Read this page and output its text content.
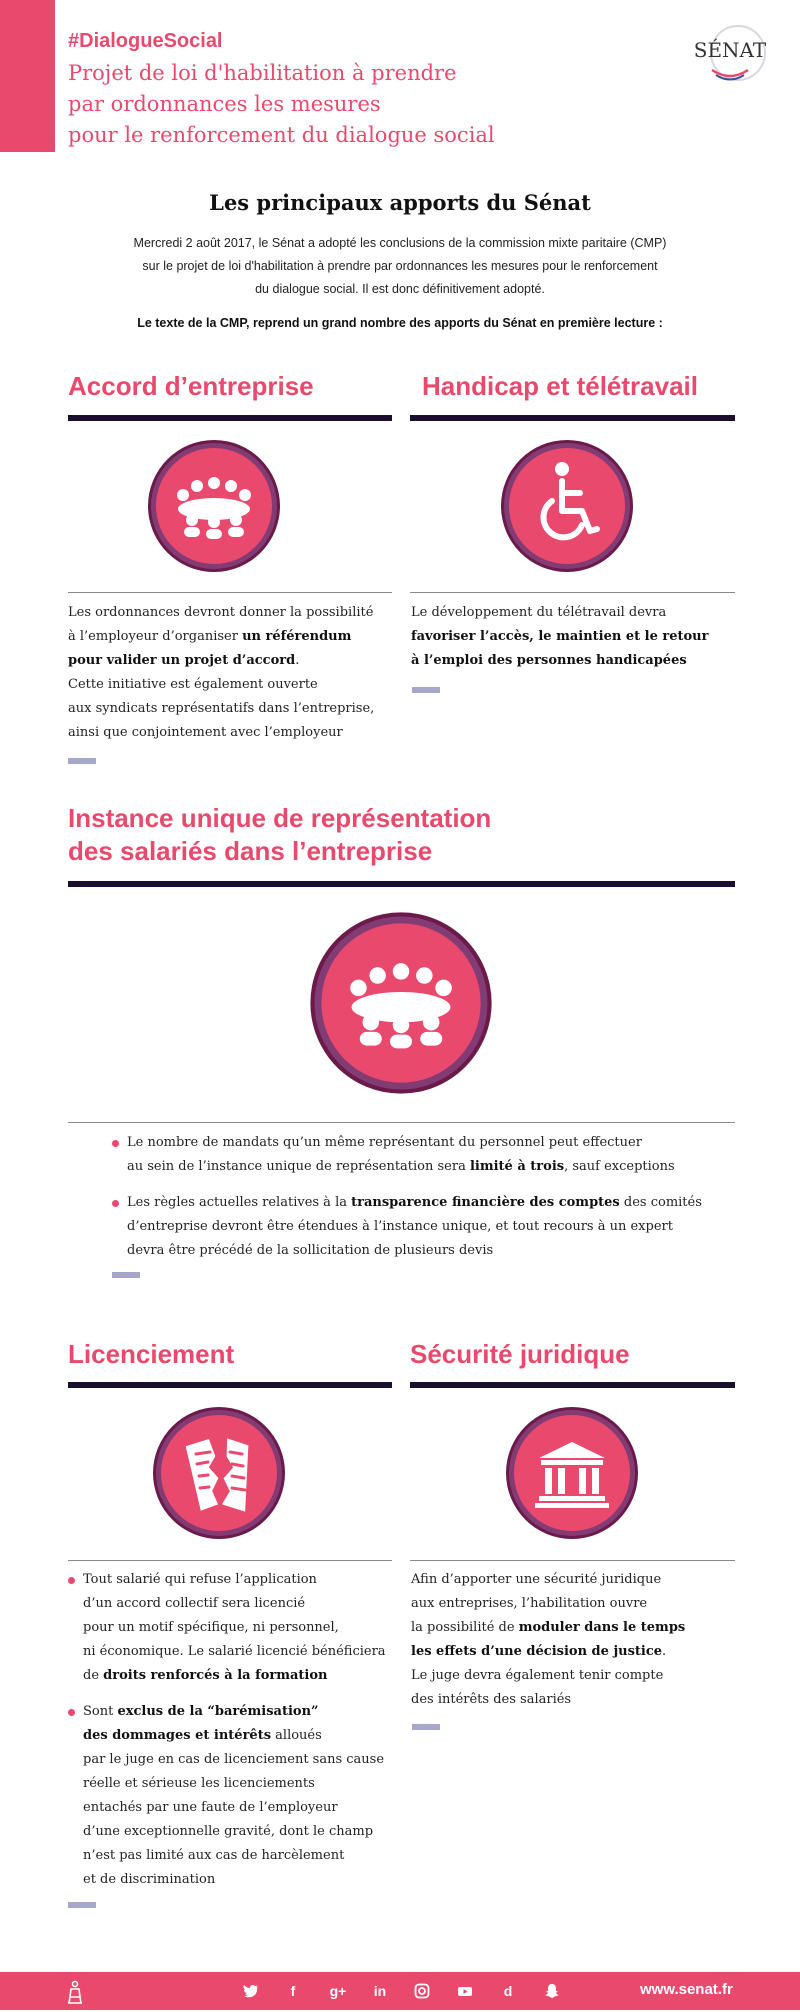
#DialogueSocial
Projet de loi d'habilitation à prendre
par ordonnances les mesures
pour le renforcement du dialogue social
SÉNAT
Les principaux apports du Sénat
Mercredi 2 août 2017, le Sénat a adopté les conclusions de la commission mixte paritaire (CMP)
sur le projet de loi d'habilitation à prendre par ordonnances les mesures pour le renforcement
du dialogue social. Il est donc définitivement adopté.
Le texte de la CMP, reprend un grand nombre des apports du Sénat en première lecture :
Accord d’entreprise
Les ordonnances devront donner la possibilité
à l’employeur d’organiser un référendum
pour valider un projet d’accord.
Cette initiative est également ouverte
aux syndicats représentatifs dans l’entreprise,
ainsi que conjointement avec l’employeur
Handicap et télétravail
Le développement du télétravail devra
favoriser l’accès, le maintien et le retour
à l’emploi des personnes handicapées
Instance unique de représentation
des salariés dans l’entreprise
Le nombre de mandats qu’un même représentant du personnel peut effectuer
au sein de l’instance unique de représentation sera limité à trois, sauf exceptions
Les règles actuelles relatives à la transparence financière des comptes des comités
d’entreprise devront être étendues à l’instance unique, et tout recours à un expert
devra être précédé de la sollicitation de plusieurs devis
Licenciement
Tout salarié qui refuse l’application
d’un accord collectif sera licencié
pour un motif spécifique, ni personnel,
ni économique. Le salarié licencié bénéficiera
de droits renforcés à la formation
Sont exclus de la “barémisation”
des dommages et intérêts alloués
par le juge en cas de licenciement sans cause
réelle et sérieuse les licenciements
entachés par une faute de l’employeur
d’une exceptionnelle gravité, dont le champ
n’est pas limité aux cas de harcèlement
et de discrimination
Sécurité juridique
Afin d’apporter une sécurité juridique
aux entreprises, l’habilitation ouvre
la possibilité de moduler dans le temps
les effets d’une décision de justice.
Le juge devra également tenir compte
des intérêts des salariés
f	g+	in	d	www.senat.fr
